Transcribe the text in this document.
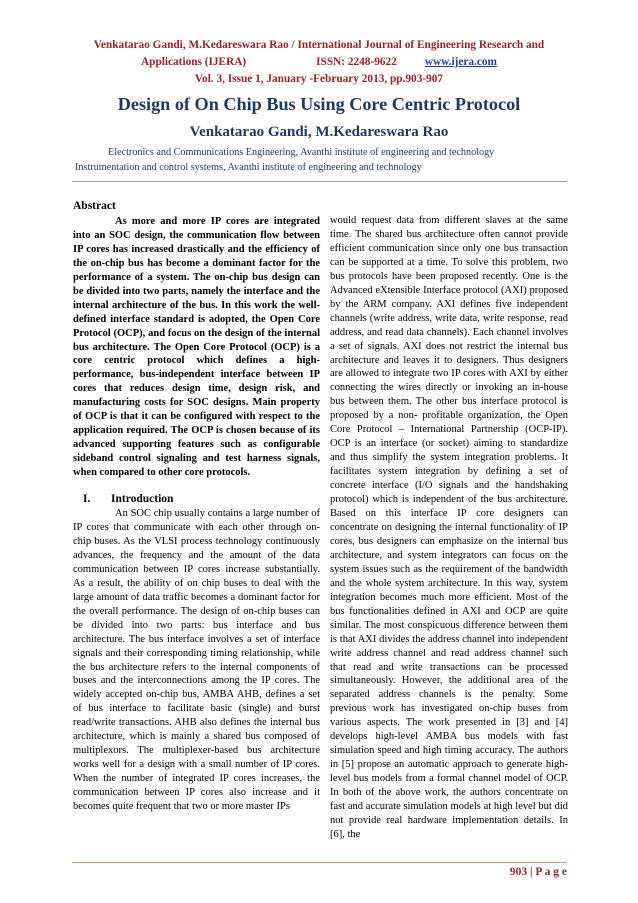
Venkatarao Gandi, M.Kedareswara Rao / International Journal of Engineering Research and
Applications (IJERA)	ISSN: 2248-9622 www.ijera.com
Vol. 3, Issue 1, January -February 2013, pp.903-907
Design of On Chip Bus Using Core Centric Protocol
Venkatarao Gandi, M.Kedareswara Rao
Electronics and Communications Engineering, Avanthi institute of engineering and technology
Instrumentation and control systems, Avanthi institute of engineering and technology

Abstract

As more and more IP cores are integrated into an SOC design, the communication flow between IP cores has increased drastically and the efficiency of the on-chip bus has become a dominant factor for the performance of a system. The on-chip bus design can be divided into two parts, namely the interface and the internal architecture of the bus. In this work the well-defined interface standard is adopted, the Open Core Protocol (OCP), and focus on the design of the internal bus architecture. The Open Core Protocol (OCP) is a core centric protocol which defines a high- performance, bus-independent interface between IP cores that reduces design time, design risk, and manufacturing costs for SOC designs. Main property of OCP is that it can be configured with respect to the application required. The OCP is chosen because of its advanced supporting features such as configurable sideband control signaling and test harness signals, when compared to other core protocols.

I. Introduction

An SOC chip usually contains a large number of IP cores that communicate with each other through on-chip buses. As the VLSI process technology continuously advances, the frequency and the amount of the data communication between IP cores increase substantially. As a result, the ability of on chip buses to deal with the large amount of data traffic becomes a dominant factor for the overall performance. The design of on-chip buses can be divided into two parts: bus interface and bus architecture. The bus interface involves a set of interface signals and their corresponding timing relationship, while the bus architecture refers to the internal components of buses and the interconnections among the IP cores. The widely accepted on-chip bus, AMBA AHB, defines a set of bus interface to facilitate basic (single) and burst read/write transactions. AHB also defines the internal bus architecture, which is mainly a shared bus composed of multiplexors. The multiplexer-based bus architecture works well for a design with a small number of IP cores. When the number of integrated IP cores increases, the communication between IP cores also increase and it becomes quite frequent that two or more master IPs

would request data from different slaves at the same time. The shared bus architecture often cannot provide efficient communication since only one bus transaction can be supported at a time. To solve this problem, two bus protocols have been proposed recently. One is the Advanced eXtensible Interface protocol (AXI) proposed by the ARM company. AXI defines five independent channels (write address, write data, write response, read address, and read data channels). Each channel involves a set of signals. AXI does not restrict the internal bus architecture and leaves it to designers. Thus designers are allowed to integrate two IP cores with AXI by either connecting the wires directly or invoking an in-house bus between them. The other bus interface protocol is proposed by a non- profitable organization, the Open Core Protocol – International Partnership (OCP-IP). OCP is an interface (or socket) aiming to standardize and thus simplify the system integration problems. It facilitates system integration by defining a set of concrete interface (I/O signals and the handshaking protocol) which is independent of the bus architecture. Based on this interface IP core designers can concentrate on designing the internal functionality of IP cores, bus designers can emphasize on the internal bus architecture, and system integrators can focus on the system issues such as the requirement of the bandwidth and the whole system architecture. In this way, system integration becomes much more efficient. Most of the bus functionalities defined in AXI and OCP are quite similar. The most conspicuous difference between them is that AXI divides the address channel into independent write address channel and read address channel such that read and write transactions can be processed simultaneously. However, the additional area of the separated address channels is the penalty. Some previous work has investigated on-chip buses from various aspects. The work presented in [3] and [4] develops high-level AMBA bus models with fast simulation speed and high timing accuracy. The authors in [5] propose an automatic approach to generate high-level bus models from a formal channel model of OCP. In both of the above work, the authors concentrate on fast and accurate simulation models at high level but did not provide real hardware implementation details. In [6], the

903 | P a g e
